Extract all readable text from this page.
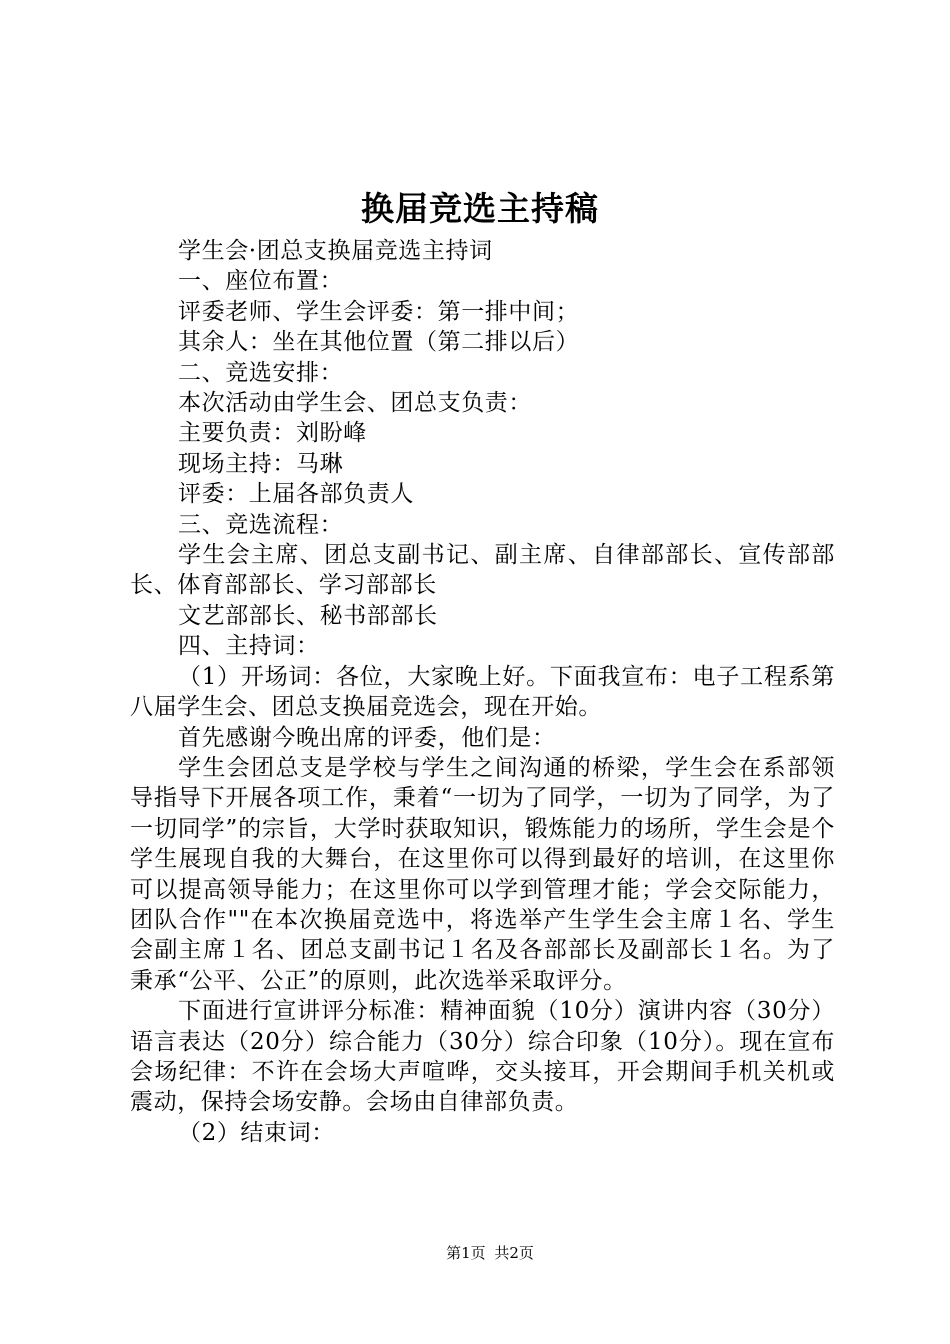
换届竞选主持稿

学生会·团总支换届竞选主持词

一、座位布置：

评委老师、学生会评委：第一排中间；

其余人：坐在其他位置（第二排以后）

二、竞选安排：

本次活动由学生会、团总支负责：

主要负责：刘盼峰

现场主持：马琳

评委：上届各部负责人

三、竞选流程：

学生会主席、团总支副书记、副主席、自律部部长、宣传部部长、体育部部长、学习部部长

文艺部部长、秘书部部长

四、主持词：

（1）开场词：各位，大家晚上好。下面我宣布：电子工程系第八届学生会、团总支换届竞选会，现在开始。

首先感谢今晚出席的评委，他们是：

学生会团总支是学校与学生之间沟通的桥梁，学生会在系部领导指导下开展各项工作，秉着“一切为了同学，一切为了同学，为了一切同学”的宗旨，大学时获取知识，锻炼能力的场所，学生会是个学生展现自我的大舞台，在这里你可以得到最好的培训，在这里你可以提高领导能力；在这里你可以学到管理才能；学会交际能力，团队合作""在本次换届竞选中，将选举产生学生会主席１名、学生会副主席１名、团总支副书记１名及各部部长及副部长１名。为了秉承“公平、公正”的原则，此次选举采取评分。

下面进行宣讲评分标准：精神面貌（10分）演讲内容（30分）语言表达（20分）综合能力（30分）综合印象（10分）。现在宣布会场纪律：不许在会场大声喧哗，交头接耳，开会期间手机关机或震动，保持会场安静。会场由自律部负责。

（2）结束词：

第1页 共2页
